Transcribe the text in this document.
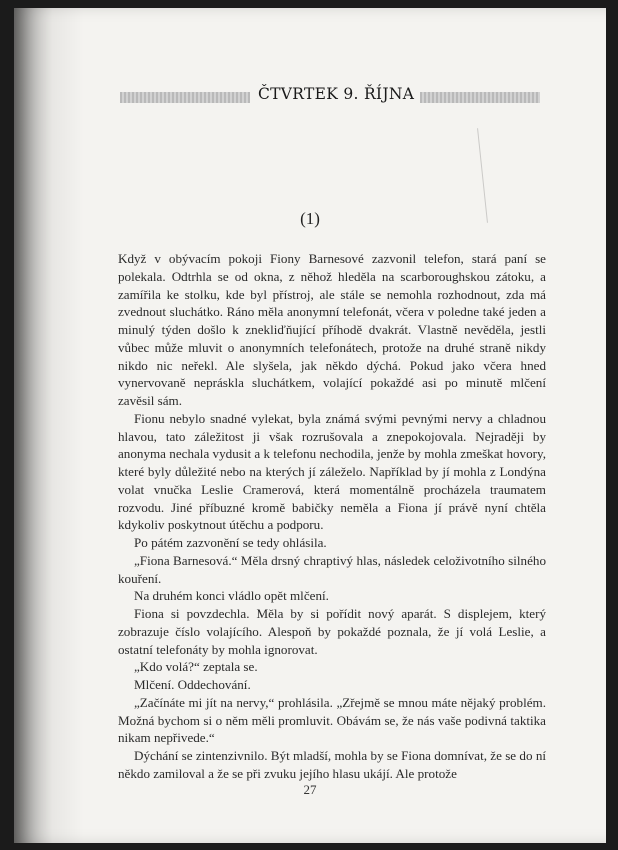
ČTVRTEK 9. ŘÍJNA
(1)

Když v obývacím pokoji Fiony Barnesové zazvonil telefon, stará paní se polekala. Odtrhla se od okna, z něhož hleděla na scarboroughskou zátoku, a zamířila ke stolku, kde byl přístroj, ale stále se nemohla rozhodnout, zda má zvednout sluchátko. Ráno měla anonymní telefonát, včera v poledne také jeden a minulý týden došlo k znekliďňující příhodě dvakrát. Vlastně nevěděla, jestli vůbec může mluvit o anonymních telefonátech, protože na druhé straně nikdy nikdo nic neřekl. Ale slyšela, jak někdo dýchá. Pokud jako včera hned vynervovaně nepráskla sluchátkem, volající pokaždé asi po minutě mlčení zavěsil sám.

Fionu nebylo snadné vylekat, byla známá svými pevnými nervy a chladnou hlavou, tato záležitost ji však rozrušovala a znepokojovala. Nejraději by anonyma nechala vydusit a k telefonu nechodila, jenže by mohla zmeškat hovory, které byly důležité nebo na kterých jí záleželo. Například by jí mohla z Londýna volat vnučka Leslie Cramerová, která momentálně procházela traumatem rozvodu. Jiné příbuzné kromě babičky neměla a Fiona jí právě nyní chtěla kdykoliv poskytnout útěchu a podporu.

Po pátém zazvonění se tedy ohlásila.

„Fiona Barnesová.“ Měla drsný chraptivý hlas, následek celoživotního silného kouření.

Na druhém konci vládlo opět mlčení.

Fiona si povzdechla. Měla by si pořídit nový aparát. S displejem, který zobrazuje číslo volajícího. Alespoň by pokaždé poznala, že jí volá Leslie, a ostatní telefonáty by mohla ignorovat.

„Kdo volá?“ zeptala se.

Mlčení. Oddechování.

„Začínáte mi jít na nervy,“ prohlásila. „Zřejmě se mnou máte nějaký problém. Možná bychom si o něm měli promluvit. Obávám se, že nás vaše podivná taktika nikam nepřivede.“

Dýchání se zintenzivnilo. Být mladší, mohla by se Fiona domnívat, že se do ní někdo zamiloval a že se při zvuku jejího hlasu ukájí. Ale protože

27
